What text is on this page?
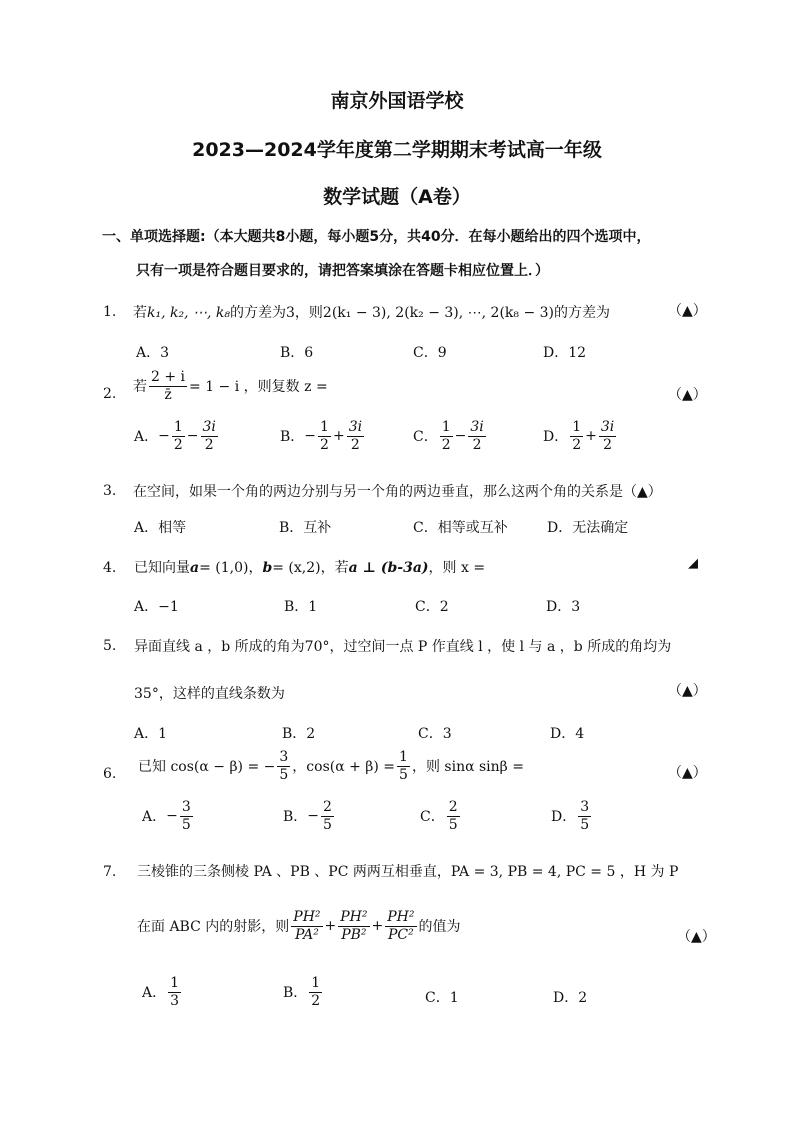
南京外国语学校
2023—2024学年度第二学期期末考试高一年级
数学试题（A卷）
一、单项选择题:（本大题共8小题，每小题5分，共40分．在每小题给出的四个选项中，
只有一项是符合题目要求的，请把答案填涂在答题卡相应位置上．）
1. 若k₁, k₂, ⋯, k₈的方差为3，则2(k₁ − 3), 2(k₂ − 3), ⋯, 2(k₈ − 3)的方差为	（▲）
A．3	B．6	C．9	D．12
2. 若 $\frac{2 + i}{z̄} = 1 - i$ ，则复数 z =	（▲）
A． − $\frac{1}{2} - \frac{3i}{2}$	B． − $\frac{1}{2} + \frac{3i}{2}$	C． $\frac{1}{2} - \frac{3i}{2}$	D． $\frac{1}{2} + \frac{3i}{2}$
3. 在空间，如果一个角的两边分别与另一个角的两边垂直，那么这两个角的关系是（▲）
A．相等	B．互补	C．相等或互补	D．无法确定
4. 已知向量a= (1,0)，b= (x,2)，若a ⊥ (b-3a)，则 x =	◢
A．−1	B．1	C．2	D．3
5. 异面直线 a ，b 所成的角为70°，过空间一点 P 作直线 l ，使 l 与 a ，b 所成的角均为
35°，这样的直线条数为	（▲）
A．1	B．2	C．3	D．4
6. 已知 cos(α − β) = − $\frac{3}{5}$ ，$\cos(\alpha + \beta) = \frac{1}{5}$ ，则 sinα sinβ =	（▲）
A． − $\frac{3}{5}$	B． − $\frac{2}{5}$	C． $\frac{2}{5}$	D． $\frac{3}{5}$
7. 三棱锥的三条侧棱 PA 、PB 、PC 两两互相垂直，PA = 3, PB = 4, PC = 5 ，H 为 P
在面 ABC 内的射影，则 $\frac{\text{PH²}}{\text{PA²}} + \frac{\text{PH²}}{\text{PB²}} + \frac{\text{PH²}}{\text{PC²}}$ 的值为
（▲）
A． $\frac{1}{3}$	B． $\frac{1}{2}$	C．1	D．2
